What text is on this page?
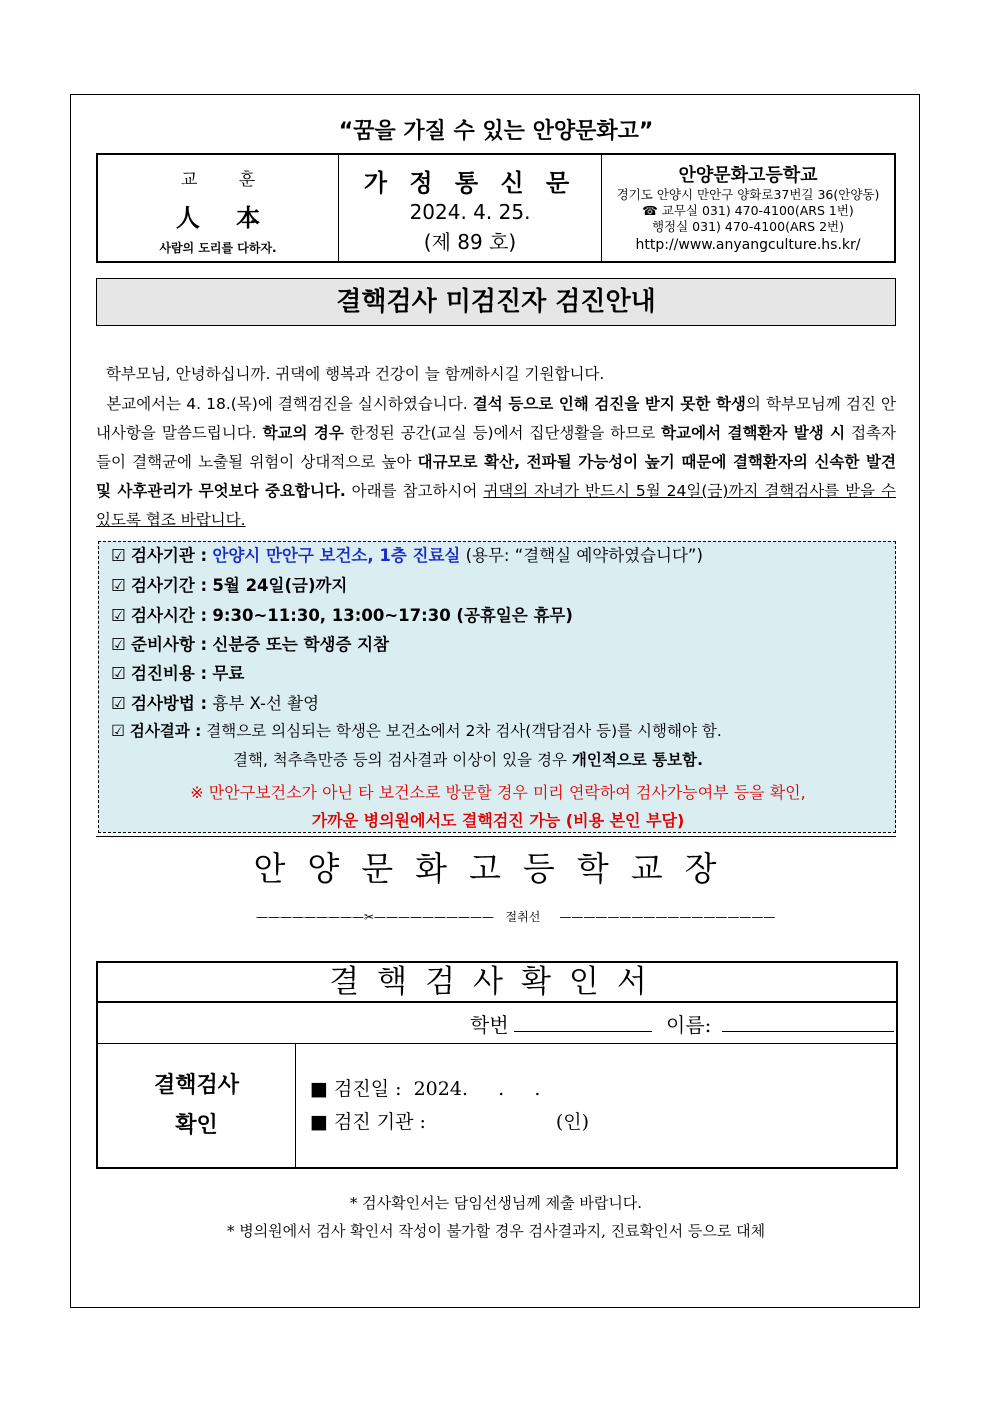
“꿈을 가질 수 있는 안양문화고”
교 훈
人 本
사람의 도리를 다하자.
가 정 통 신 문
2024. 4. 25.
(제 89 호)
안양문화고등학교
경기도 안양시 만안구 양화로37번길 36(안양동)
☎ 교무실 031) 470-4100(ARS 1번)
행정실 031) 470-4100(ARS 2번)
http://www.anyangculture.hs.kr/
결핵검사 미검진자 검진안내
학부모님, 안녕하십니까. 귀댁에 행복과 건강이 늘 함께하시길 기원합니다.
본교에서는 4. 18.(목)에 결핵검진을 실시하였습니다. 결석 등으로 인해 검진을 받지 못한 학생의 학부모님께 검진 안내사항을 말씀드립니다. 학교의 경우 한정된 공간(교실 등)에서 집단생활을 하므로 학교에서 결핵환자 발생 시 접촉자들이 결핵균에 노출될 위험이 상대적으로 높아 대규모로 확산, 전파될 가능성이 높기 때문에 결핵환자의 신속한 발견 및 사후관리가 무엇보다 중요합니다. 아래를 참고하시어 귀댁의 자녀가 반드시 5월 24일(금)까지 결핵검사를 받을 수 있도록 협조 바랍니다.
☑ 검사기관 : 안양시 만안구 보건소, 1층 진료실 (용무: “결핵실 예약하였습니다”)
☑ 검사기간 : 5월 24일(금)까지
☑ 검사시간 : 9:30~11:30, 13:00~17:30 (공휴일은 휴무)
☑ 준비사항 : 신분증 또는 학생증 지참
☑ 검진비용 : 무료
☑ 검사방법 : 흉부 X-선 촬영
☑ 검사결과 : 결핵으로 의심되는 학생은 보건소에서 2차 검사(객담검사 등)를 시행해야 함.
결핵, 척추측만증 등의 검사결과 이상이 있을 경우 개인적으로 통보함.
※ 만안구보건소가 아닌 타 보건소로 방문할 경우 미리 연락하여 검사가능여부 등을 확인,
가까운 병의원에서도 결핵검진 가능 (비용 본인 부담)
안양문화고등학교장
—————————✂—————————— 절취선 ——————————————————
결핵검사확인서
학번	이름:
결핵검사
확인
■ 검진일 : 2024.     .     .
■ 검진 기관 :	(인)
* 검사확인서는 담임선생님께 제출 바랍니다.
* 병의원에서 검사 확인서 작성이 불가할 경우 검사결과지, 진료확인서 등으로 대체
